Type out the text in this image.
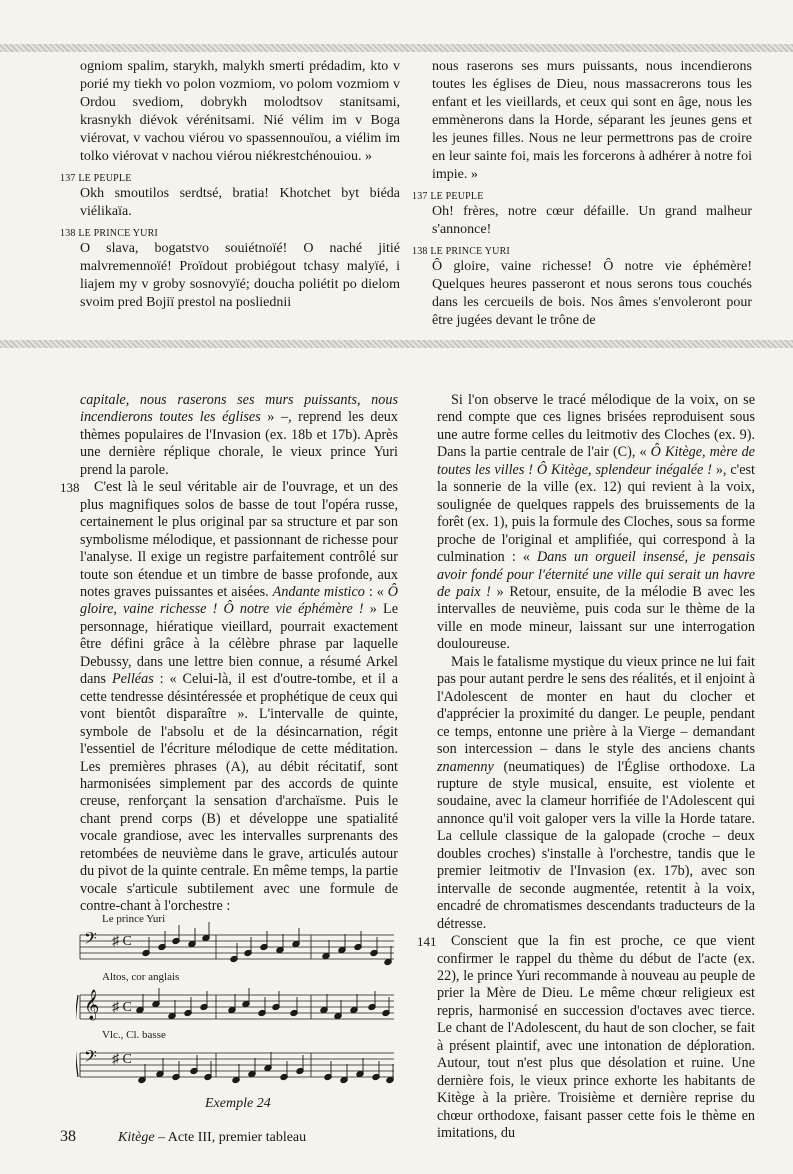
ogniom spalim, starykh, malykh smerti prédadim, kto v porié my tiekh vo polon vozmiom, vo polom vozmiom v Ordou svediom, dobrykh molodtsov stanitsami, krasnykh diévok vérénitsami. Nié vélim im v Boga viérovat, v vachou viérou vo spassennouïou, a viélim im tolko viérovat v nachou viérou niékrestchénouiou. »

137 LE PEUPLE

Okh smoutilos serdtsé, bratia! Khotchet byt biéda viélikaïa.

138 LE PRINCE YURI

O slava, bogatstvo souiétnoïé! O naché jitié malvremennoïé! Proïdout probiégout tchasy malyïé, i liajem my v groby sosnovyïé; doucha poliétit po dielom svoim pred Bojiï prestol na posliednii

nous raserons ses murs puissants, nous incendierons toutes les églises de Dieu, nous massacrerons tous les enfant et les vieillards, et ceux qui sont en âge, nous les emmènerons dans la Horde, séparant les jeunes gens et les jeunes filles. Nous ne leur permettrons pas de croire en leur sainte foi, mais les forcerons à adhérer à notre foi impie. »

137 LE PEUPLE

Oh! frères, notre cœur défaille. Un grand malheur s'annonce!

138 LE PRINCE YURI

Ô gloire, vaine richesse! Ô notre vie éphémère! Quelques heures passeront et nous serons tous couchés dans les cercueils de bois. Nos âmes s'envoleront pour être jugées devant le trône de

capitale, nous raserons ses murs puissants, nous incendierons toutes les églises » –, reprend les deux thèmes populaires de l'Invasion (ex. 18b et 17b). Après une dernière réplique chorale, le vieux prince Yuri prend la parole.

138 C'est là le seul véritable air de l'ouvrage, et un des plus magnifiques solos de basse de tout l'opéra russe, certainement le plus original par sa structure et par son symbolisme mélodique, et passionnant de richesse pour l'analyse. Il exige un registre parfaitement contrôlé sur toute son étendue et un timbre de basse profonde, aux notes graves puissantes et aisées. Andante mistico : « Ô gloire, vaine richesse ! Ô notre vie éphémère ! » Le personnage, hiératique vieillard, pourrait exactement être défini grâce à la célèbre phrase par laquelle Debussy, dans une lettre bien connue, a résumé Arkel dans Pelléas : « Celui-là, il est d'outre-tombe, et il a cette tendresse désintéressée et prophétique de ceux qui vont bientôt disparaître ». L'intervalle de quinte, symbole de l'absolu et de la désincarnation, régit l'essentiel de l'écriture mélodique de cette méditation. Les premières phrases (A), au débit récitatif, sont harmonisées simplement par des accords de quinte creuse, renforçant la sensation d'archaïsme. Puis le chant prend corps (B) et développe une spatialité vocale grandiose, avec les intervalles surprenants des retombées de neuvième dans le grave, articulés autour du pivot de la quinte centrale. En même temps, la partie vocale s'articule subtilement avec une formule de contre-chant à l'orchestre :

Le prince Yuri
Altos, cor anglais
Vlc., Cl. basse
𝄢 ♯ C
𝄞 ♯ C
𝄢 ♯ C
Exemple 24

Si l'on observe le tracé mélodique de la voix, on se rend compte que ces lignes brisées reproduisent sous une autre forme celles du leitmotiv des Cloches (ex. 9). Dans la partie centrale de l'air (C), « Ô Kitège, mère de toutes les villes ! Ô Kitège, splendeur inégalée ! », c'est la sonnerie de la ville (ex. 12) qui revient à la voix, soulignée de quelques rappels des bruissements de la forêt (ex. 1), puis la formule des Cloches, sous sa forme proche de l'original et amplifiée, qui correspond à la culmination : « Dans un orgueil insensé, je pensais avoir fondé pour l'éternité une ville qui serait un havre de paix ! » Retour, ensuite, de la mélodie B avec les intervalles de neuvième, puis coda sur le thème de la ville en mode mineur, laissant sur une interrogation douloureuse.

Mais le fatalisme mystique du vieux prince ne lui fait pas pour autant perdre le sens des réalités, et il enjoint à l'Adolescent de monter en haut du clocher et d'apprécier la proximité du danger. Le peuple, pendant ce temps, entonne une prière à la Vierge – demandant son intercession – dans le style des anciens chants znamenny (neumatiques) de l'Église orthodoxe. La rupture de style musical, ensuite, est violente et soudaine, avec la clameur horrifiée de l'Adolescent qui annonce qu'il voit galoper vers la ville la Horde tatare. La cellule classique de la galopade (croche – deux doubles croches) s'installe à l'orchestre, tandis que le premier leitmotiv de l'Invasion (ex. 17b), avec son intervalle de seconde augmentée, retentit à la voix, encadré de chromatismes descendants traducteurs de la détresse.

141 Conscient que la fin est proche, ce que vient confirmer le rappel du thème du début de l'acte (ex. 22), le prince Yuri recommande à nouveau au peuple de prier la Mère de Dieu. Le même chœur religieux est repris, harmonisé en succession d'octaves avec tierce. Le chant de l'Adolescent, du haut de son clocher, se fait à présent plaintif, avec une intonation de déploration. Autour, tout n'est plus que désolation et ruine. Une dernière fois, le vieux prince exhorte les habitants de Kitège à la prière. Troisième et dernière reprise du chœur orthodoxe, faisant passer cette fois le thème en imitations, du

38	Kitège – Acte III, premier tableau
